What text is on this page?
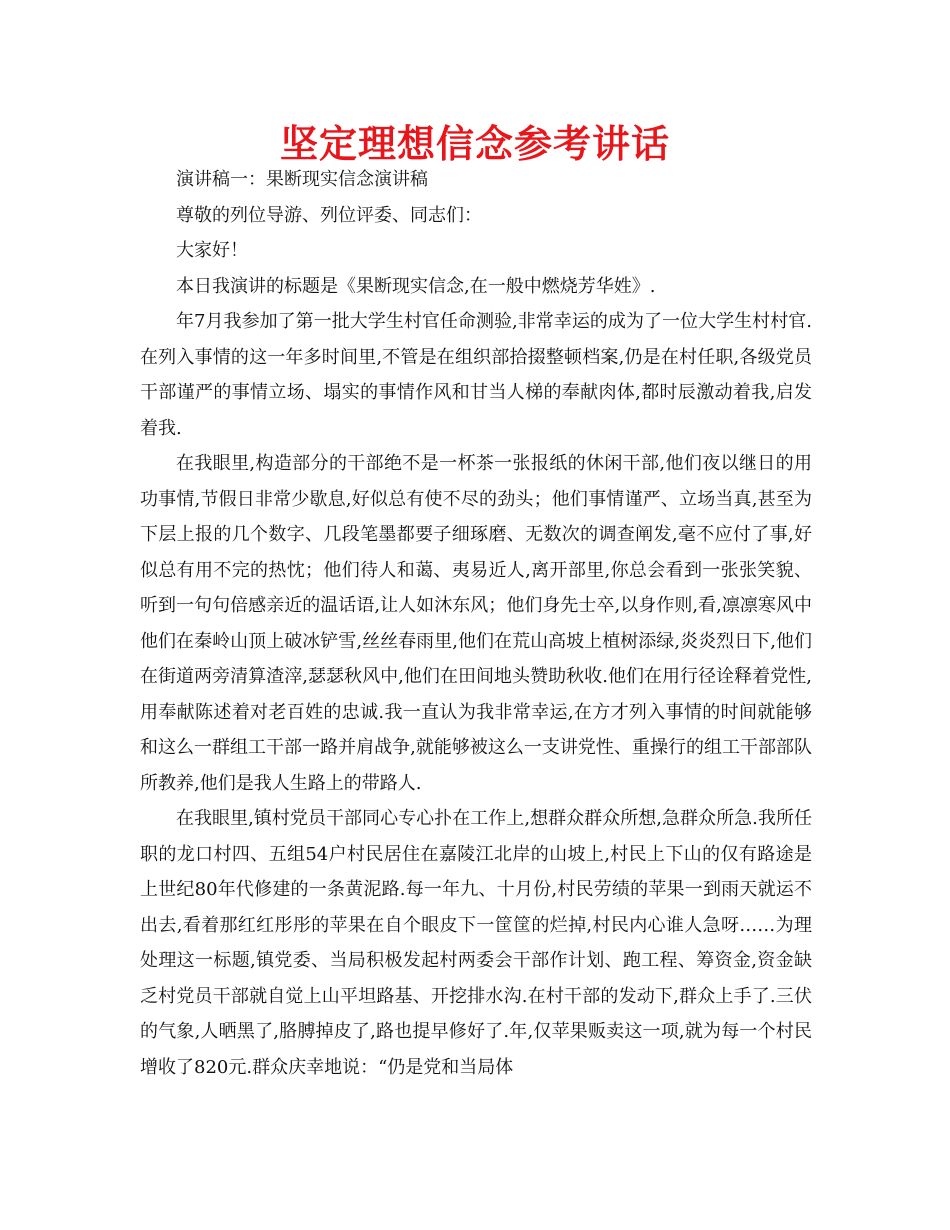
坚定理想信念参考讲话

演讲稿一：果断现实信念演讲稿

尊敬的列位导游、列位评委、同志们：

大家好！

本日我演讲的标题是《果断现实信念,在一般中燃烧芳华姓》.

年7月我参加了第一批大学生村官任命测验,非常幸运的成为了一位大学生村村官.在列入事情的这一年多时间里,不管是在组织部拾掇整顿档案,仍是在村任职,各级党员干部谨严的事情立场、塌实的事情作风和甘当人梯的奉献肉体,都时辰激动着我,启发着我.

在我眼里,构造部分的干部绝不是一杯茶一张报纸的休闲干部,他们夜以继日的用功事情,节假日非常少歇息,好似总有使不尽的劲头；他们事情谨严、立场当真,甚至为下层上报的几个数字、几段笔墨都要子细琢磨、无数次的调查阐发,毫不应付了事,好似总有用不完的热忱；他们待人和蔼、夷易近人,离开部里,你总会看到一张张笑貌、听到一句句倍感亲近的温话语,让人如沐东风；他们身先士卒,以身作则,看,凛凛寒风中他们在秦岭山顶上破冰铲雪,丝丝春雨里,他们在荒山高坡上植树添绿,炎炎烈日下,他们在街道两旁清算渣滓,瑟瑟秋风中,他们在田间地头赞助秋收.他们在用行径诠释着党性,用奉献陈述着对老百姓的忠诚.我一直认为我非常幸运,在方才列入事情的时间就能够和这么一群组工干部一路并肩战争,就能够被这么一支讲党性、重操行的组工干部部队所教养,他们是我人生路上的带路人.

在我眼里,镇村党员干部同心专心扑在工作上,想群众群众所想,急群众所急.我所任职的龙口村四、五组54户村民居住在嘉陵江北岸的山坡上,村民上下山的仅有路途是上世纪80年代修建的一条黄泥路.每一年九、十月份,村民劳绩的苹果一到雨天就运不出去,看着那红红彤彤的苹果在自个眼皮下一筐筐的烂掉,村民内心谁人急呀……为理处理这一标题,镇党委、当局积极发起村两委会干部作计划、跑工程、筹资金,资金缺乏村党员干部就自觉上山平坦路基、开挖排水沟.在村干部的发动下,群众上手了.三伏的气象,人晒黑了,胳膊掉皮了,路也提早修好了.年,仅苹果贩卖这一项,就为每一个村民增收了820元.群众庆幸地说：“仍是党和当局体
